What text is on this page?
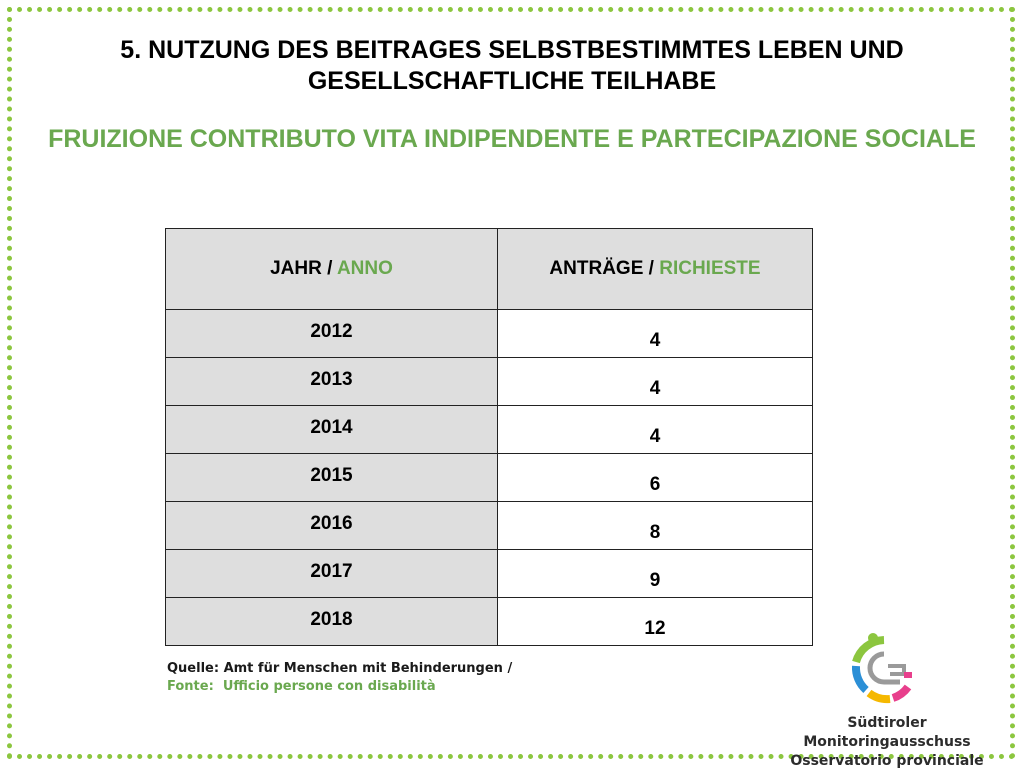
5. NUTZUNG DES BEITRAGES SELBSTBESTIMMTES LEBEN UND GESELLSCHAFTLICHE TEILHABE
FRUIZIONE CONTRIBUTO VITA INDIPENDENTE E PARTECIPAZIONE SOCIALE
JAHR / ANNO	ANTRÄGE / RICHIESTE
2012	4
2013	4
2014	4
2015	6
2016	8
2017	9
2018	12
Quelle: Amt für Menschen mit Behinderungen /
Fonte:  Ufficio persone con disabilità
Südtiroler Monitoringausschuss
Osservatorio provinciale
